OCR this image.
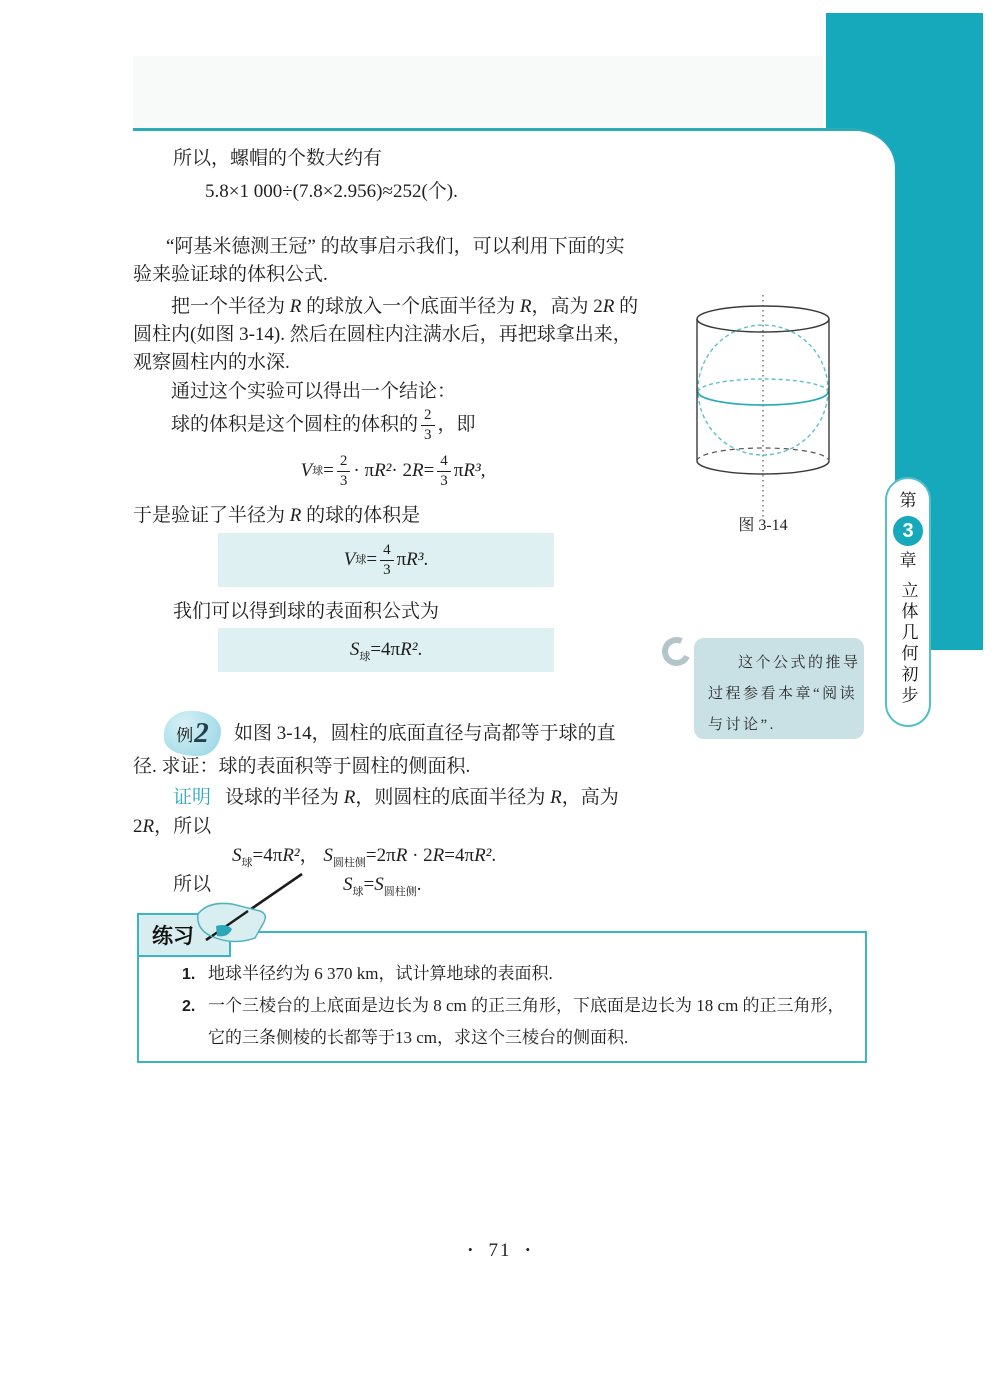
第
3
章
立体几何初步
所以，螺帽的个数大约有
5.8×1 000÷(7.8×2.956)≈252(个).
“阿基米德测王冠” 的故事启示我们，可以利用下面的实
验来验证球的体积公式.
把一个半径为 R 的球放入一个底面半径为 R，高为 2R 的
圆柱内(如图 3-14). 然后在圆柱内注满水后，再把球拿出来，
观察圆柱内的水深.
通过这个实验可以得出一个结论：
球的体积是这个圆柱的体积的 $\frac{2}{3}$ ，即
V 球 = $\frac{2}{3} \cdot \pi$ R² · 2 $R = \frac{4}{3}$ π R³ ,
于是验证了半径为 R 的球的体积是
V 球 = $\frac{4}{3}$ π R³ .
我们可以得到球的表面积公式为
$S_球=4\pi R^2$.
图 3-14
这个公式的推导
过程参看本章“阅读
与讨论”.
例 2 如图 3-14，圆柱的底面直径与高都等于球的直
径. 求证：球的表面积等于圆柱的侧面积.
证明 设球的半径为 R，则圆柱的底面半径为 R，高为
2R，所以
$S_球=4\pi R^2$， $S_{圆柱侧}=2\pi R \cdot 2R=4\pi R^2$.
所以	$S_球=S_{圆柱侧}$.
练习
1. 地球半径约为 6 370 km，试计算地球的表面积.
2. 一个三棱台的上底面是边长为 8 cm 的正三角形，下底面是边长为 18 cm 的正三角形，
它的三条侧棱的长都等于13 cm，求这个三棱台的侧面积.
• 71 •
